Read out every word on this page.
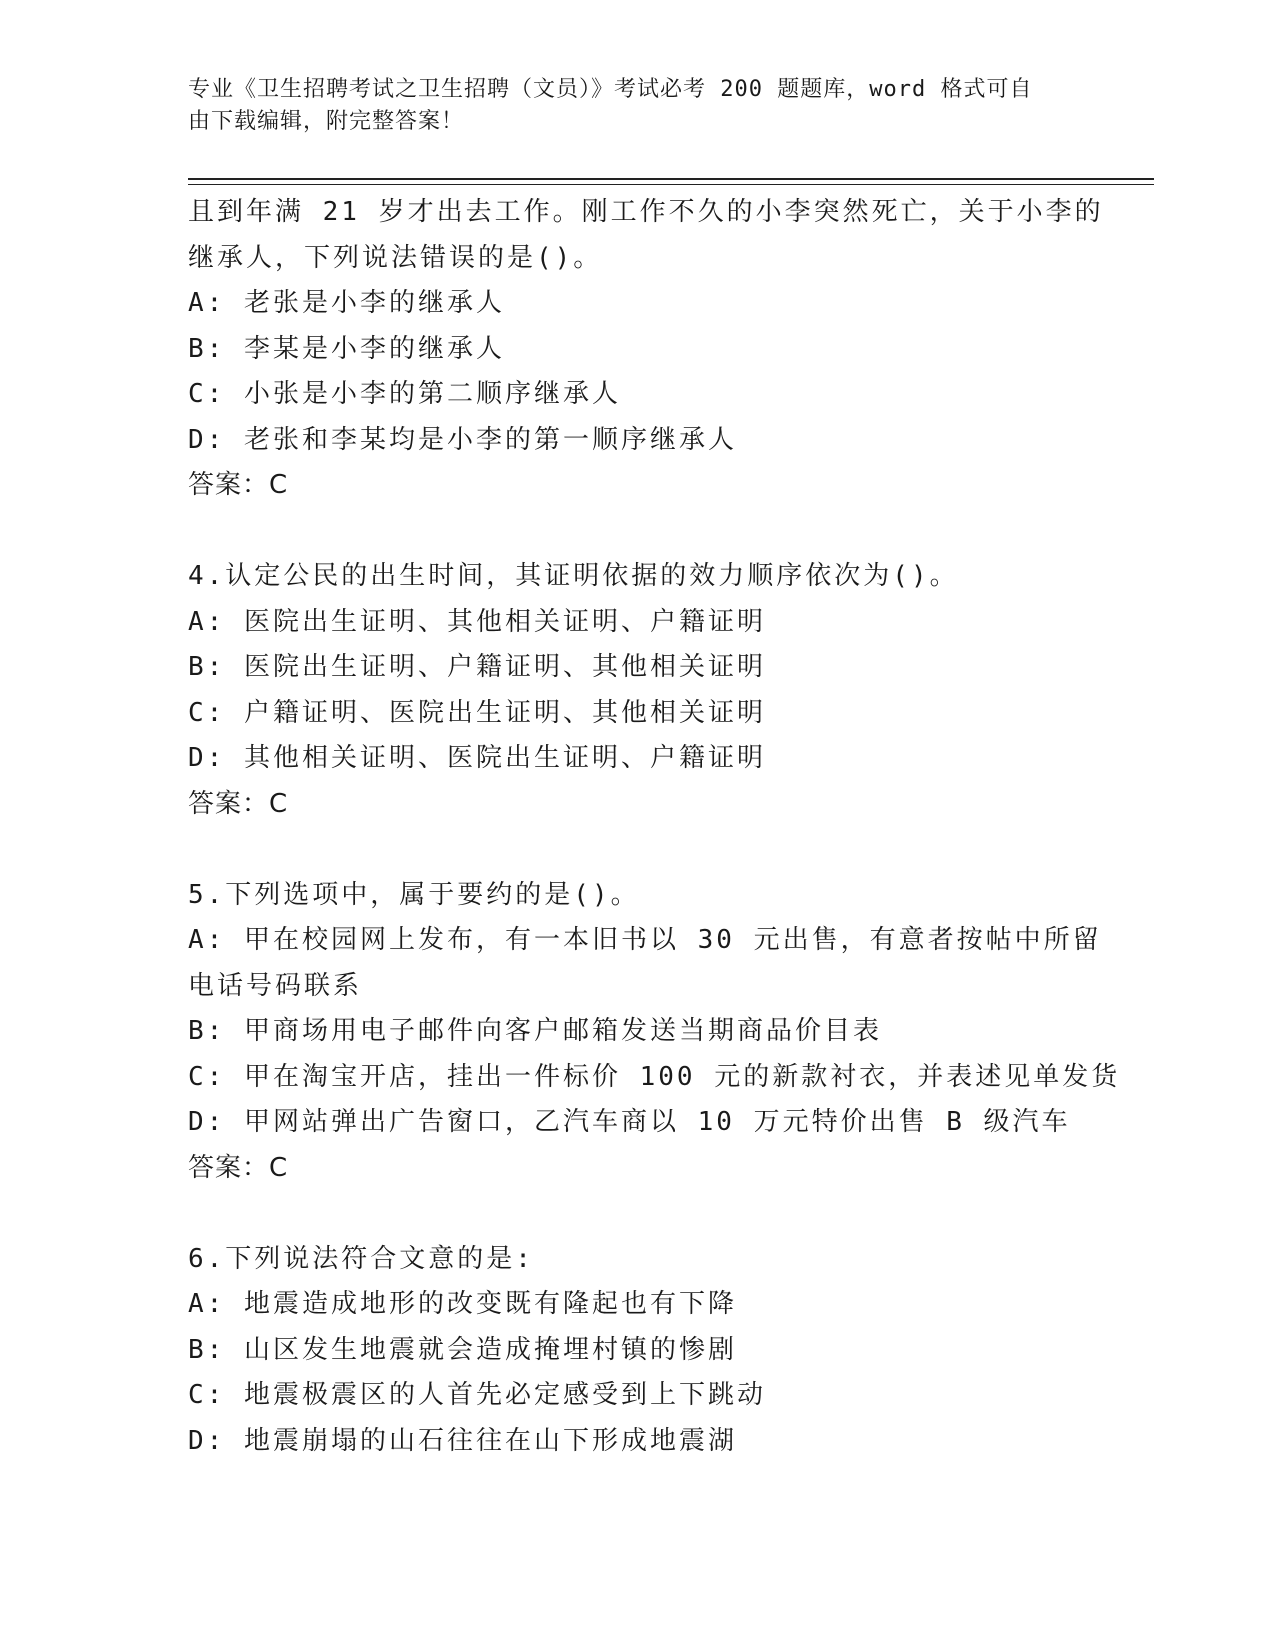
专业《卫生招聘考试之卫生招聘（文员）》考试必考 200 题题库，word 格式可自
由下载编辑，附完整答案！
且到年满 21 岁才出去工作。刚工作不久的小李突然死亡，关于小李的
继承人，下列说法错误的是()。
A: 老张是小李的继承人
B: 李某是小李的继承人
C: 小张是小李的第二顺序继承人
D: 老张和李某均是小李的第一顺序继承人
答案：C
4.认定公民的出生时间，其证明依据的效力顺序依次为()。
A: 医院出生证明、其他相关证明、户籍证明
B: 医院出生证明、户籍证明、其他相关证明
C: 户籍证明、医院出生证明、其他相关证明
D: 其他相关证明、医院出生证明、户籍证明
答案：C
5.下列选项中，属于要约的是()。
A: 甲在校园网上发布，有一本旧书以 30 元出售，有意者按帖中所留
电话号码联系
B: 甲商场用电子邮件向客户邮箱发送当期商品价目表
C: 甲在淘宝开店，挂出一件标价 100 元的新款衬衣，并表述见单发货
D: 甲网站弹出广告窗口，乙汽车商以 10 万元特价出售 B 级汽车
答案：C
6.下列说法符合文意的是:
A: 地震造成地形的改变既有隆起也有下降
B: 山区发生地震就会造成掩埋村镇的惨剧
C: 地震极震区的人首先必定感受到上下跳动
D: 地震崩塌的山石往往在山下形成地震湖
